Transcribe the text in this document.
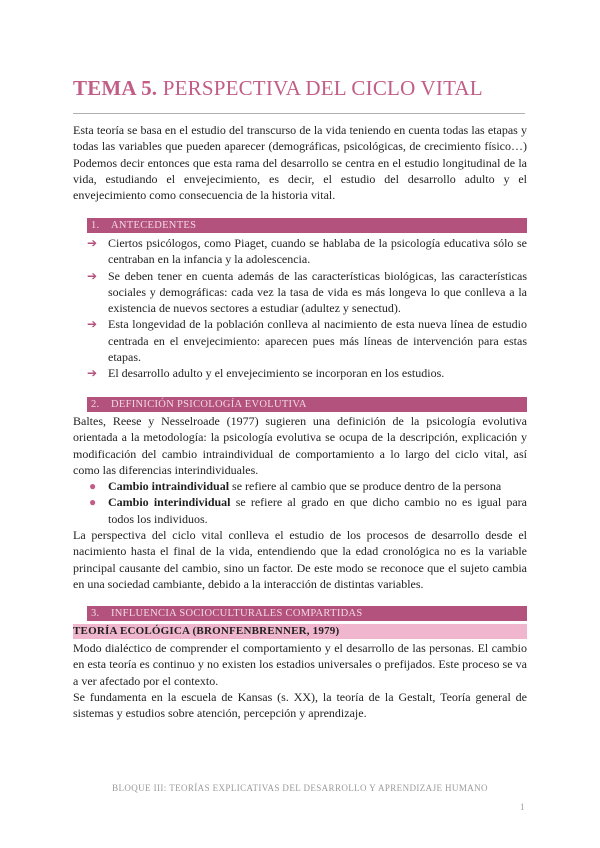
TEMA 5. PERSPECTIVA DEL CICLO VITAL

Esta teoría se basa en el estudio del transcurso de la vida teniendo en cuenta todas las etapas y todas las variables que pueden aparecer (demográficas, psicológicas, de crecimiento físico…) Podemos decir entonces que esta rama del desarrollo se centra en el estudio longitudinal de la vida, estudiando el envejecimiento, es decir, el estudio del desarrollo adulto y el envejecimiento como consecuencia de la historia vital.

1. ANTECEDENTES
➔ Ciertos psicólogos, como Piaget, cuando se hablaba de la psicología educativa sólo se centraban en la infancia y la adolescencia.
➔ Se deben tener en cuenta además de las características biológicas, las características sociales y demográficas: cada vez la tasa de vida es más longeva lo que conlleva a la existencia de nuevos sectores a estudiar (adultez y senectud).
➔ Esta longevidad de la población conlleva al nacimiento de esta nueva línea de estudio centrada en el envejecimiento: aparecen pues más líneas de intervención para estas etapas.
➔ El desarrollo adulto y el envejecimiento se incorporan en los estudios.
2. DEFINICIÓN PSICOLOGÍA EVOLUTIVA

Baltes, Reese y Nesselroade (1977) sugieren una definición de la psicología evolutiva orientada a la metodología: la psicología evolutiva se ocupa de la descripción, explicación y modificación del cambio intraindividual de comportamiento a lo largo del ciclo vital, así como las diferencias interindividuales.

● Cambio intraindividual se refiere al cambio que se produce dentro de la persona
● Cambio interindividual se refiere al grado en que dicho cambio no es igual para todos los individuos.

La perspectiva del ciclo vital conlleva el estudio de los procesos de desarrollo desde el nacimiento hasta el final de la vida, entendiendo que la edad cronológica no es la variable principal causante del cambio, sino un factor. De este modo se reconoce que el sujeto cambia en una sociedad cambiante, debido a la interacción de distintas variables.

3. INFLUENCIA SOCIOCULTURALES COMPARTIDAS
TEORÍA ECOLÓGICA (BRONFENBRENNER, 1979)

Modo dialéctico de comprender el comportamiento y el desarrollo de las personas. El cambio en esta teoría es continuo y no existen los estadios universales o prefijados. Este proceso se va a ver afectado por el contexto.

Se fundamenta en la escuela de Kansas (s. XX), la teoría de la Gestalt, Teoría general de sistemas y estudios sobre atención, percepción y aprendizaje.

BLOQUE III: TEORÍAS EXPLICATIVAS DEL DESARROLLO Y APRENDIZAJE HUMANO
1
